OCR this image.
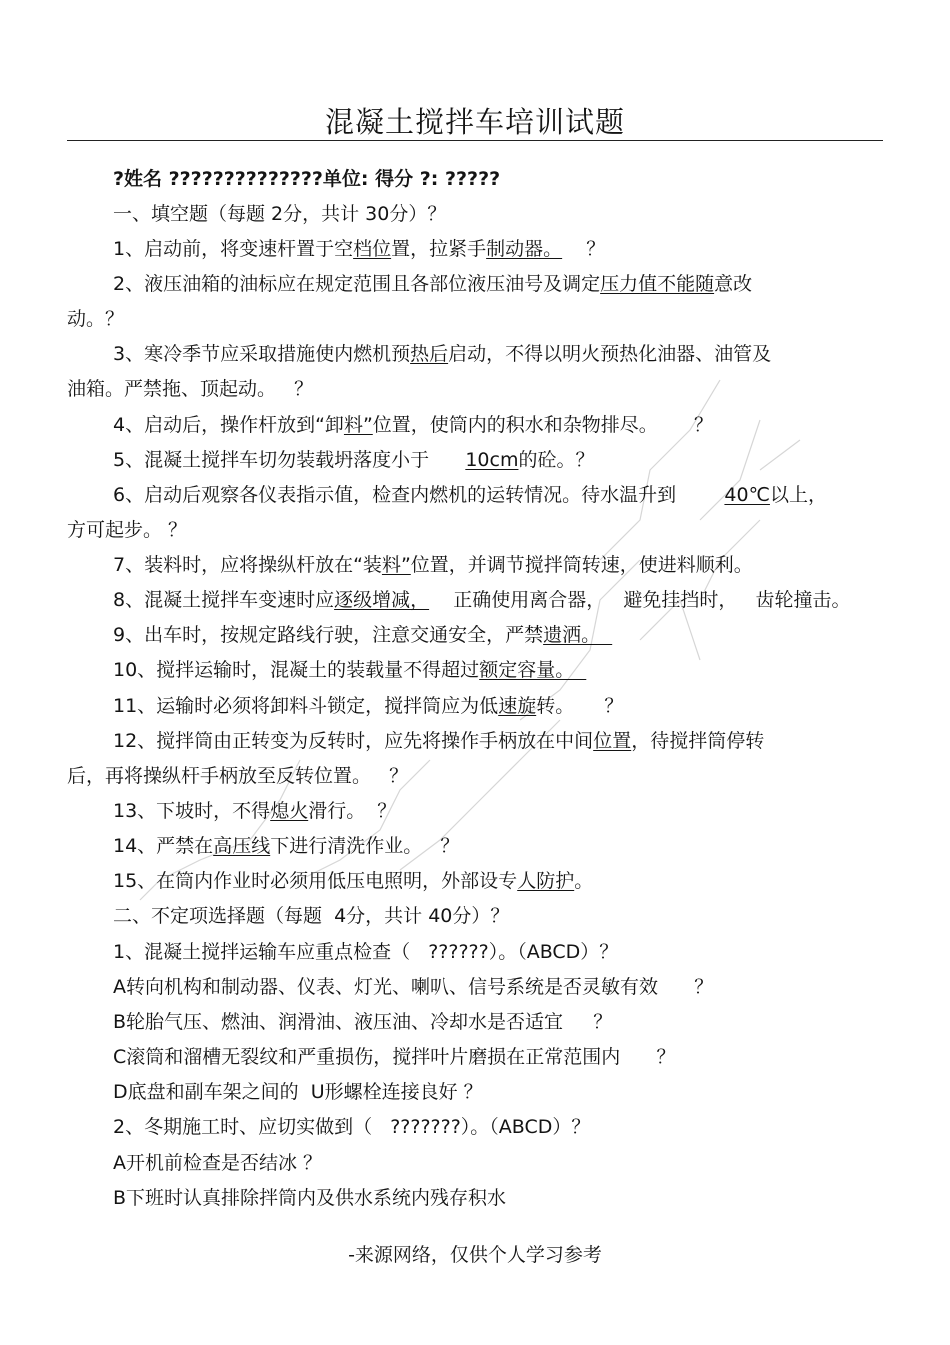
混凝土搅拌车培训试题
?姓名 ??????????????单位: 得分 ?: ?????
一、填空题（每题 2分，共计 30分）？
1、启动前，将变速杆置于空档位置，拉紧手制动器。    ？
2、液压油箱的油标应在规定范围且各部位液压油号及调定压力值不能随意改
动。？
3、寒冷季节应采取措施使内燃机预热后启动，不得以明火预热化油器、油管及
油箱。严禁拖、顶起动。   ？
4、启动后，操作杆放到“卸料”位置，使筒内的积水和杂物排尽。      ？
5、混凝土搅拌车切勿装载坍落度小于      10cm的砼。？
6、启动后观察各仪表指示值，检查内燃机的运转情况。待水温升到        40℃以上，
方可起步。 ？
7、装料时，应将操纵杆放在“装料”位置，并调节搅拌筒转速，使进料顺利。
8、混凝土搅拌车变速时应逐级增减，    正确使用离合器，   避免挂挡时，   齿轮撞击。
9、出车时，按规定路线行驶，注意交通安全，严禁遗洒。
10、搅拌运输时，混凝土的装载量不得超过额定容量。
11、运输时必须将卸料斗锁定，搅拌筒应为低速旋转。     ？
12、搅拌筒由正转变为反转时，应先将操作手柄放在中间位置，待搅拌筒停转
后，再将操纵杆手柄放至反转位置。   ？
13、下坡时，不得熄火滑行。  ？
14、严禁在高压线下进行清洗作业。   ？
15、在筒内作业时必须用低压电照明，外部设专人防护。
二、不定项选择题（每题  4分，共计 40分）？
1、混凝土搅拌运输车应重点检查（   ??????）。（ABCD）？
A转向机构和制动器、仪表、灯光、喇叭、信号系统是否灵敏有效      ？
B轮胎气压、燃油、润滑油、液压油、冷却水是否适宜     ？
C滚筒和溜槽无裂纹和严重损伤，搅拌叶片磨损在正常范围内      ？
D底盘和副车架之间的  U形螺栓连接良好 ？
2、冬期施工时、应切实做到（   ???????）。（ABCD）？
A开机前检查是否结冰 ？
B下班时认真排除拌筒内及供水系统内残存积水
-来源网络，仅供个人学习参考
